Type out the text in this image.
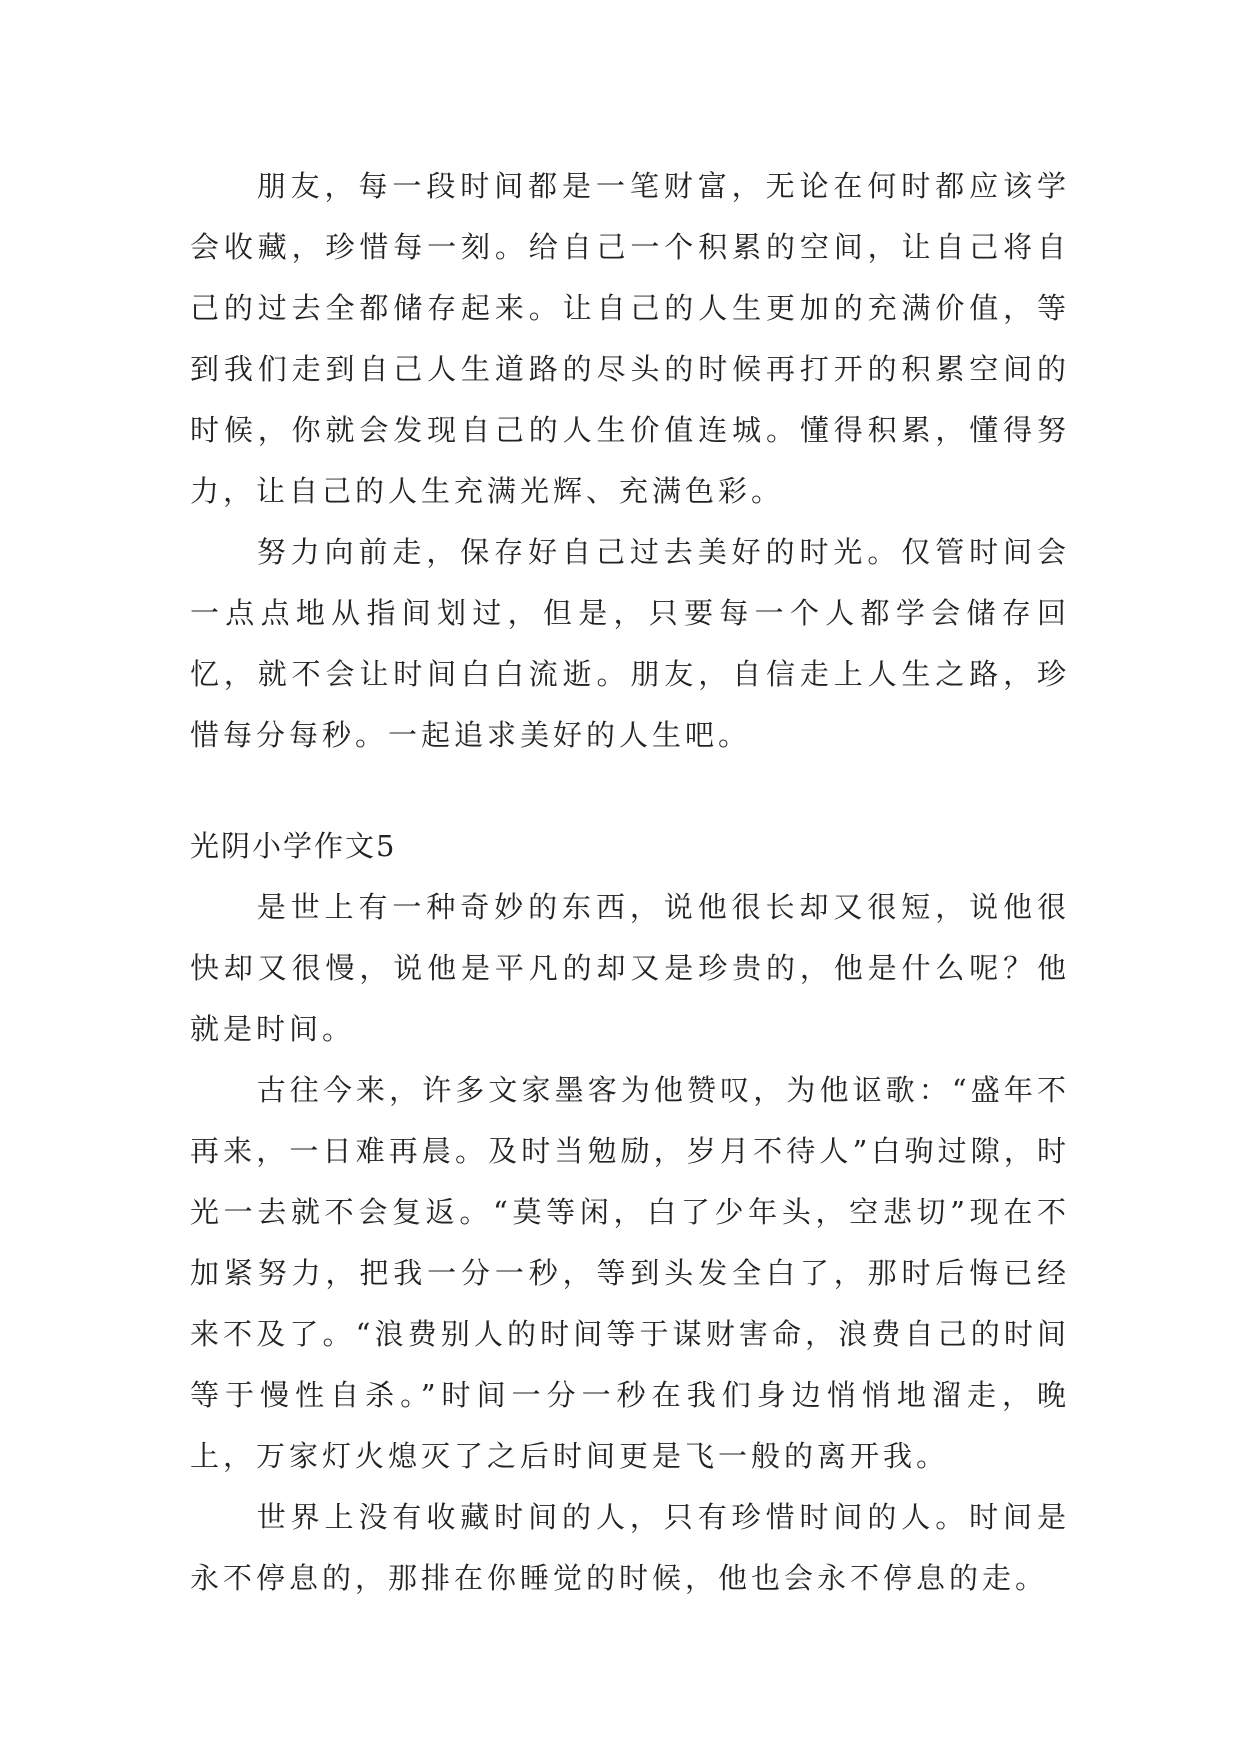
朋友，每一段时间都是一笔财富，无论在何时都应该学会收藏，珍惜每一刻。给自己一个积累的空间，让自己将自己的过去全都储存起来。让自己的人生更加的充满价值，等到我们走到自己人生道路的尽头的时候再打开的积累空间的时候，你就会发现自己的人生价值连城。懂得积累，懂得努力，让自己的人生充满光辉、充满色彩。

努力向前走，保存好自己过去美好的时光。仅管时间会一点点地从指间划过，但是，只要每一个人都学会储存回忆，就不会让时间白白流逝。朋友，自信走上人生之路，珍惜每分每秒。一起追求美好的人生吧。

光阴小学作文5

是世上有一种奇妙的东西，说他很长却又很短，说他很快却又很慢，说他是平凡的却又是珍贵的，他是什么呢？他就是时间。

古往今来，许多文家墨客为他赞叹，为他讴歌：“盛年不再来，一日难再晨。及时当勉励，岁月不待人”白驹过隙，时光一去就不会复返。“莫等闲，白了少年头，空悲切”现在不加紧努力，把我一分一秒，等到头发全白了，那时后悔已经来不及了。“浪费别人的时间等于谋财害命，浪费自己的时间等于慢性自杀。”时间一分一秒在我们身边悄悄地溜走，晚上，万家灯火熄灭了之后时间更是飞一般的离开我。

世界上没有收藏时间的人，只有珍惜时间的人。时间是永不停息的，那排在你睡觉的时候，他也会永不停息的走。
